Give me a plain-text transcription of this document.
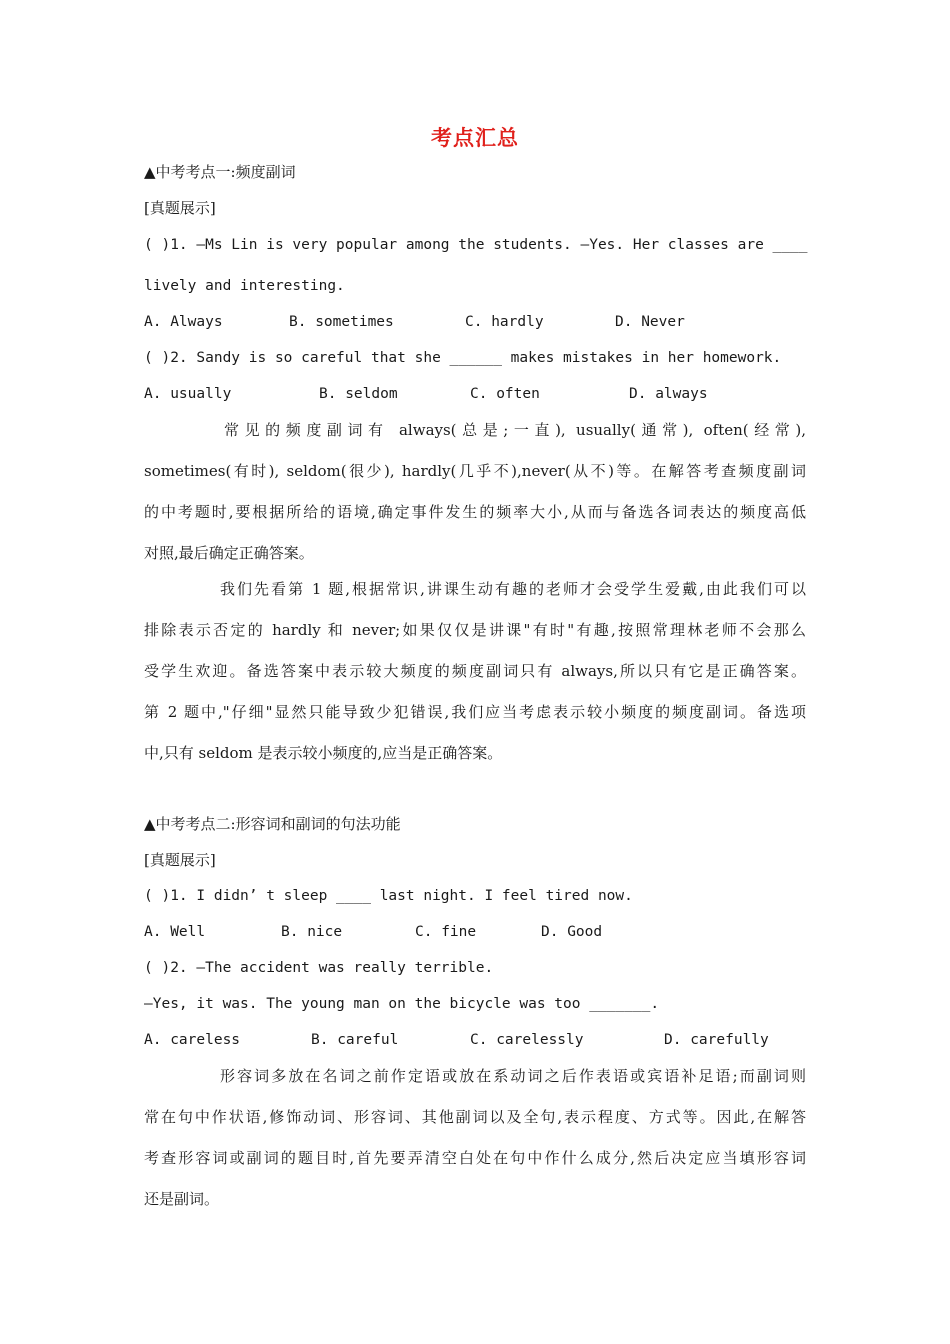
考点汇总
▲中考考点一:频度副词
[真题展示]
( )1. —Ms Lin is very popular among the students. —Yes. Her classes are ____
lively and interesting.
A. Always	B. sometimes	C. hardly	D. Never
( )2. Sandy is so careful that she ______ makes mistakes in her homework.
A. usually	B. seldom	C. often	D. always
常见的频度副词有 always(总是;一直), usually(通常), often(经常),
sometimes(有时), seldom(很少), hardly(几乎不),never(从不)等。在解答考查频度副词
的中考题时,要根据所给的语境,确定事件发生的频率大小,从而与备选各词表达的频度高低
对照,最后确定正确答案。
我们先看第 1 题,根据常识,讲课生动有趣的老师才会受学生爱戴,由此我们可以
排除表示否定的 hardly 和 never;如果仅仅是讲课"有时"有趣,按照常理林老师不会那么
受学生欢迎。备选答案中表示较大频度的频度副词只有 always,所以只有它是正确答案。
第 2 题中,"仔细"显然只能导致少犯错误,我们应当考虑表示较小频度的频度副词。备选项
中,只有 seldom 是表示较小频度的,应当是正确答案。
▲中考考点二:形容词和副词的句法功能
[真题展示]
( )1. I didn’ t sleep ____ last night. I feel tired now.
A. Well	B. nice	C. fine	D. Good
( )2. —The accident was really terrible.
—Yes, it was. The young man on the bicycle was too _______.
A. careless	B. careful	C. carelessly	D. carefully
形容词多放在名词之前作定语或放在系动词之后作表语或宾语补足语;而副词则
常在句中作状语,修饰动词、形容词、其他副词以及全句,表示程度、方式等。因此,在解答
考查形容词或副词的题目时,首先要弄清空白处在句中作什么成分,然后决定应当填形容词
还是副词。
